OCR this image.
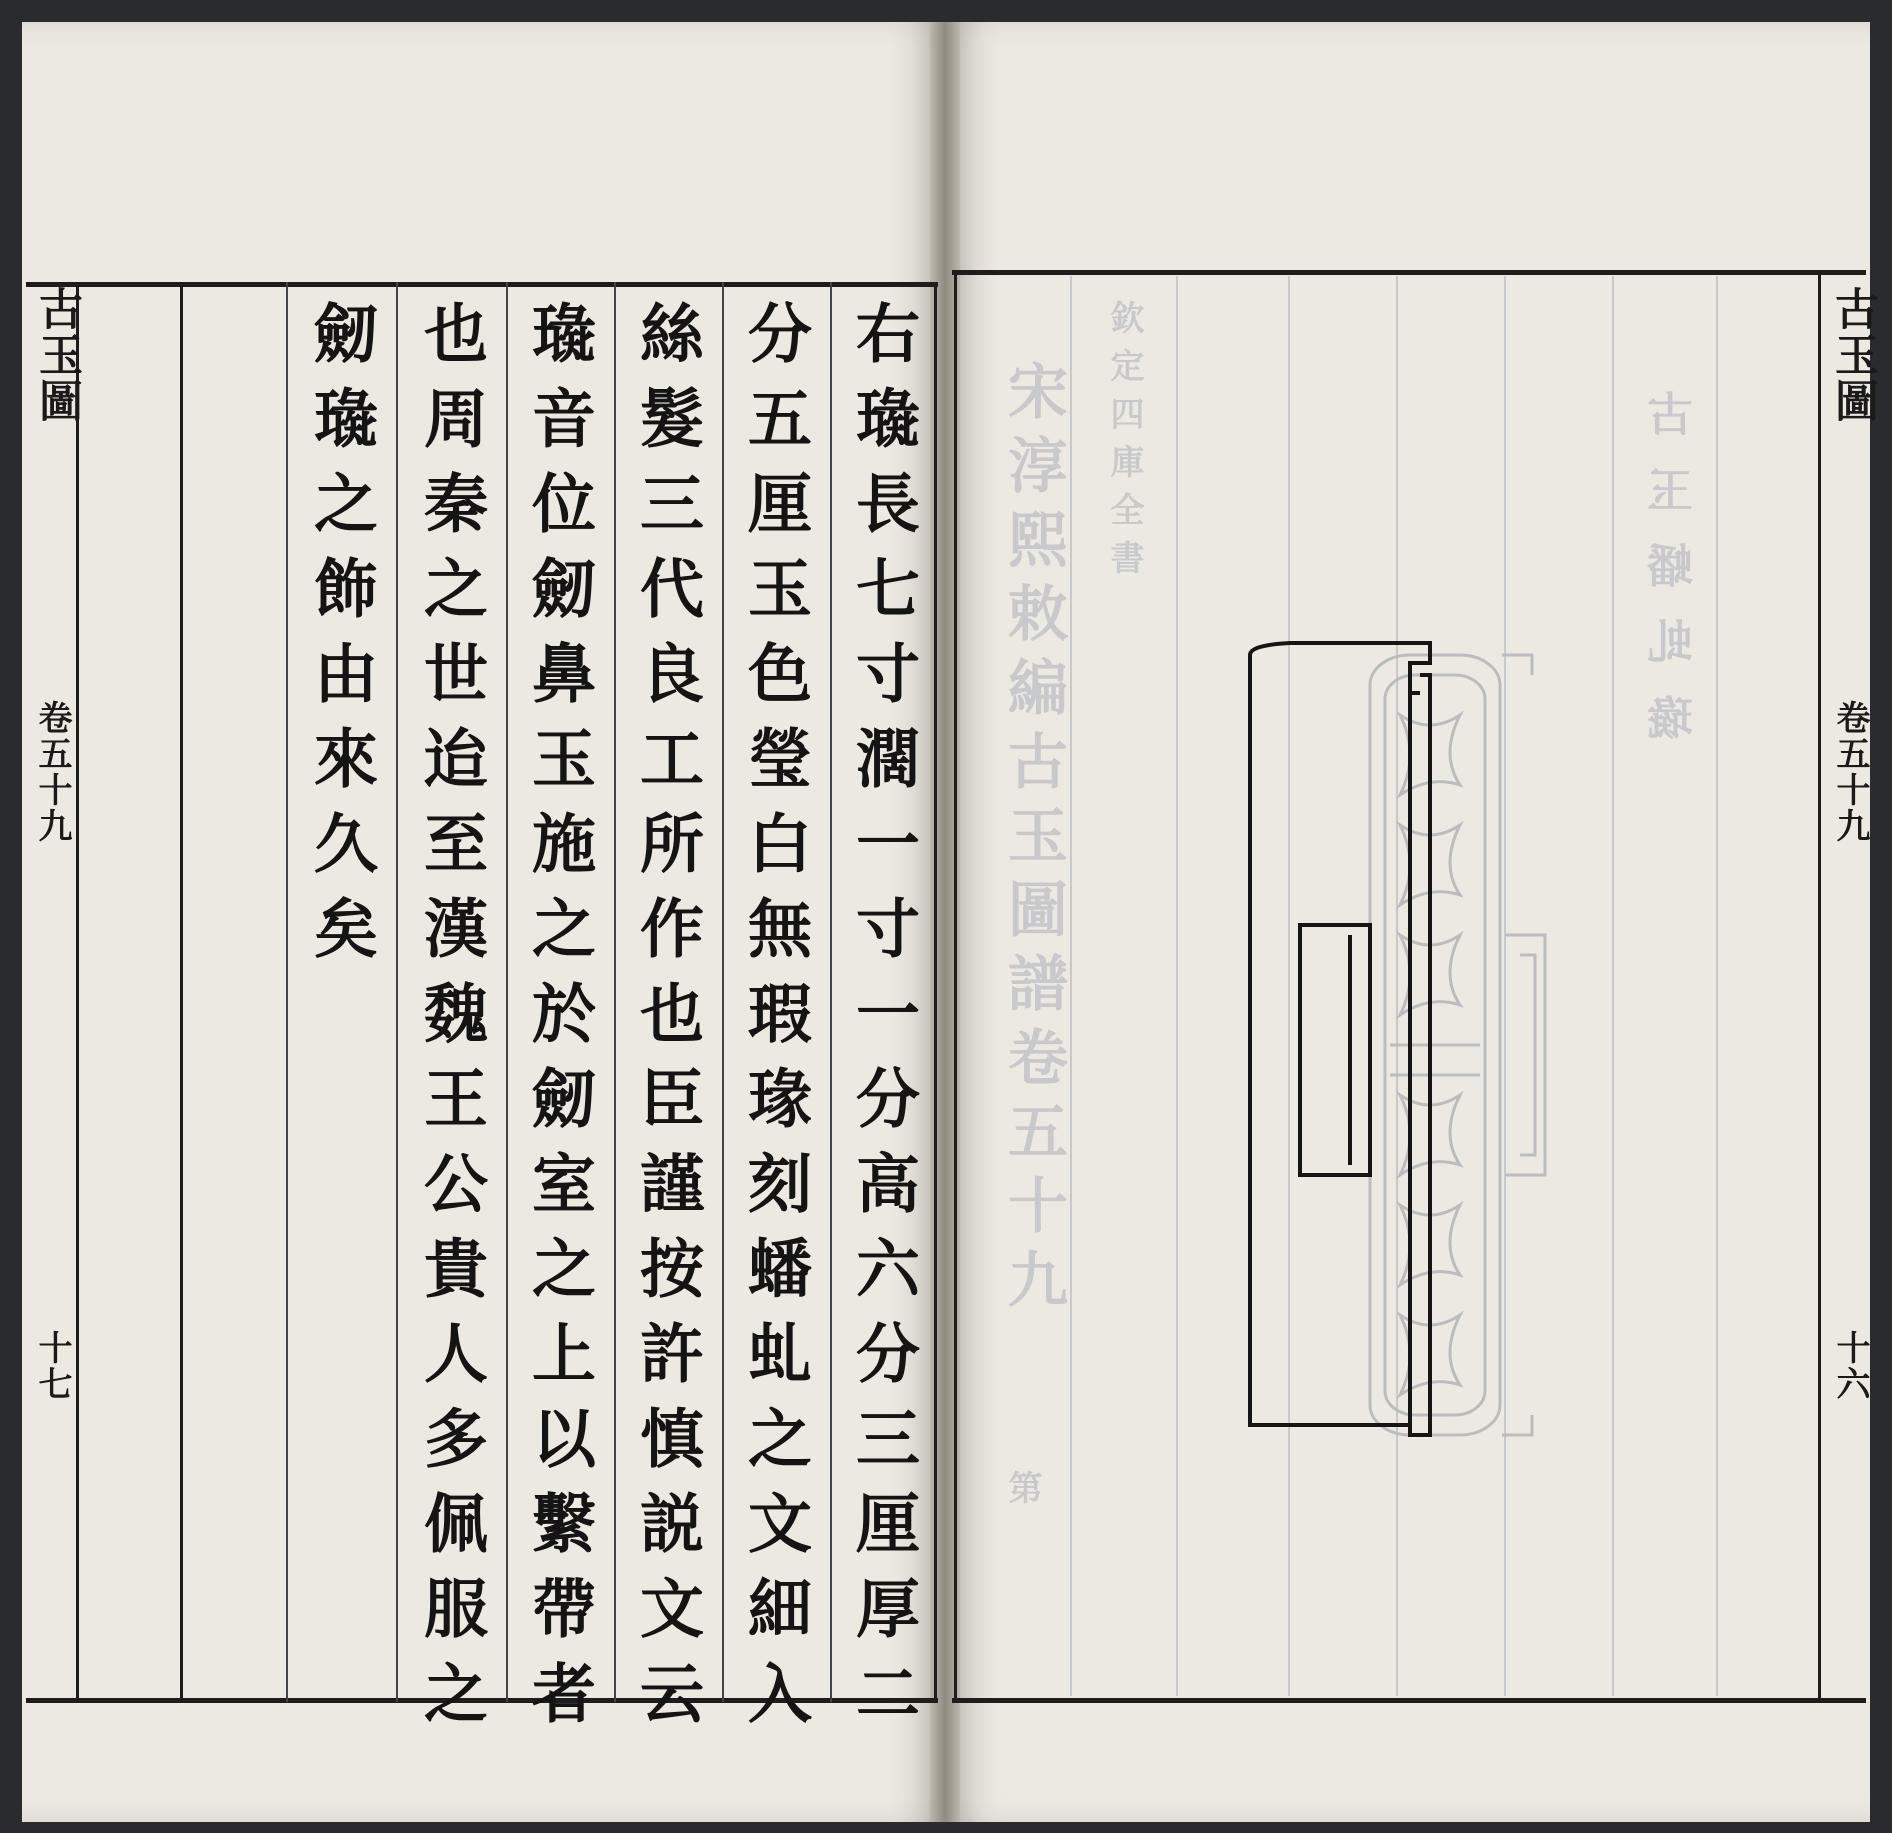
古玉圖
卷五十九
十七	右璏長七寸濶一寸一分高六分三厘厚二
分五厘玉色瑩白無瑕瑑刻蟠虬之文細入
絲髮三代良工所作也臣謹按許慎説文云
璏音位劒鼻玉施之於劒室之上以繫帶者
也周秦之世迨至漢魏王公貴人多佩服之
劒璏之飾由來久矣	古玉蟠虬璏
欽定四庫全書
宋淳熙敕編古玉圖譜卷五十九
第
古玉圖
卷五十九
十六
